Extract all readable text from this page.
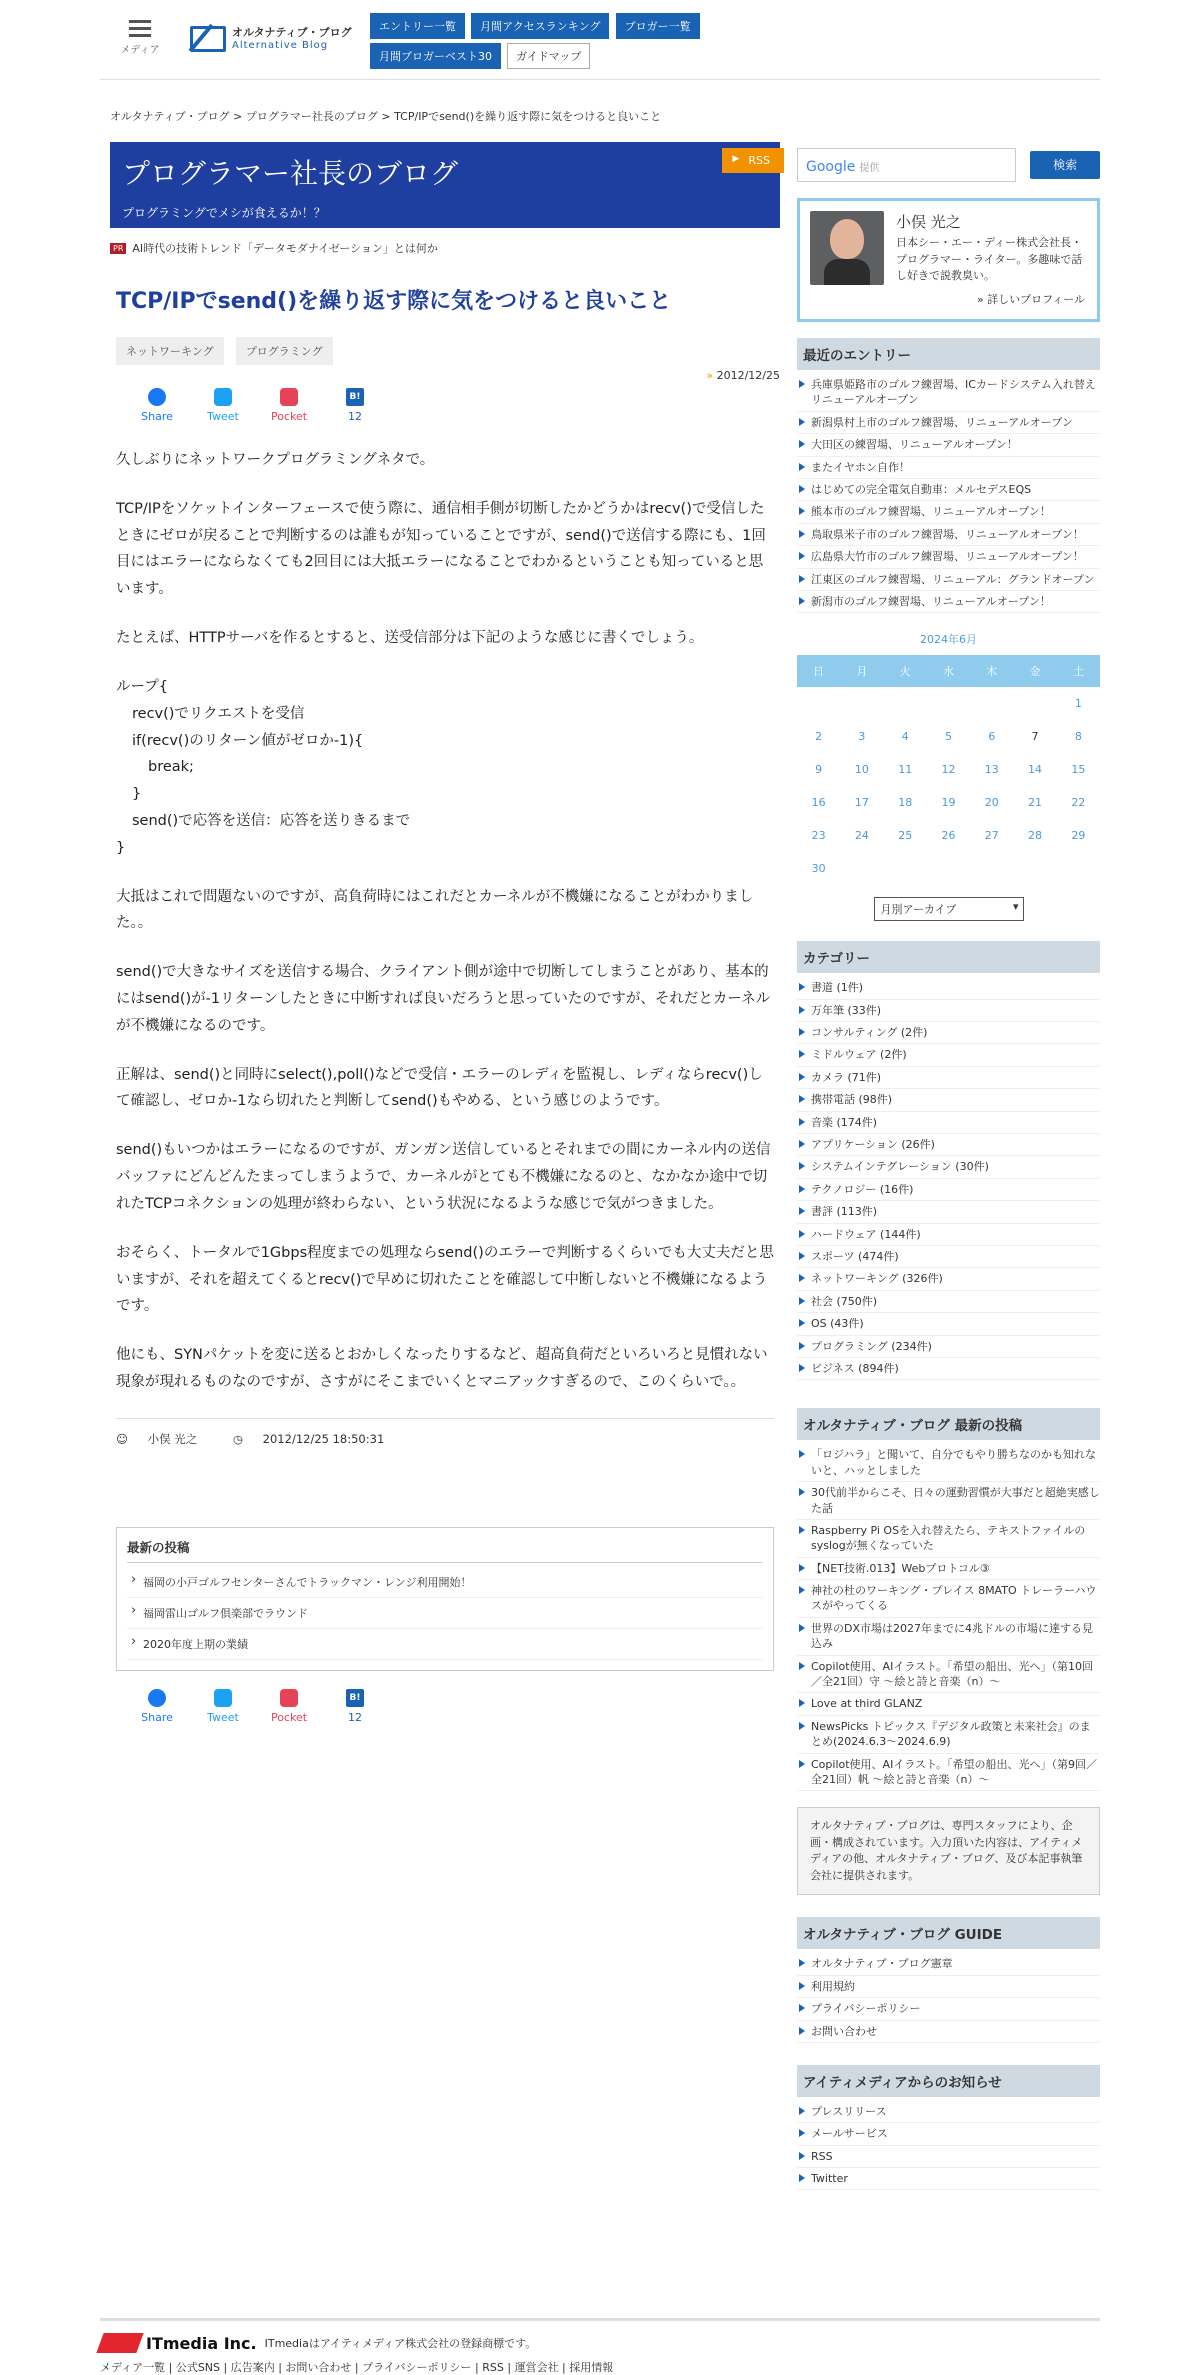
メディア
オルタナティブ・ブログ
Alternative Blog
エントリー一覧 月間アクセスランキング ブロガー一覧 月間ブロガーベスト30 ガイドマップ
オルタナティブ・ブログ > プログラマー社長のブログ > TCP/IPでsend()を繰り返す際に気をつけると良いこと
プログラマー社長のブログ
プログラミングでメシが食えるか！？
▶ RSS
PR AI時代の技術トレンド「データモダナイゼーション」とは何か
TCP/IPでsend()を繰り返す際に気をつけると良いこと
ネットワーキング	プログラミング
» 2012/12/25
Share	Tweet	Pocket
B!
12

久しぶりにネットワークプログラミングネタで。

TCP/IPをソケットインターフェースで使う際に、通信相手側が切断したかどうかはrecv()で受信したときにゼロが戻ることで判断するのは誰もが知っていることですが、send()で送信する際にも、1回目にはエラーにならなくても2回目には大抵エラーになることでわかるということも知っていると思います。

たとえば、HTTPサーバを作るとすると、送受信部分は下記のような感じに書くでしょう。

ループ{
recv()でリクエストを受信
if(recv()のリターン値がゼロか-1){
break;
}
send()で応答を送信：応答を送りきるまで
}

大抵はこれで問題ないのですが、高負荷時にはこれだとカーネルが不機嫌になることがわかりました。。

send()で大きなサイズを送信する場合、クライアント側が途中で切断してしまうことがあり、基本的にはsend()が-1リターンしたときに中断すれば良いだろうと思っていたのですが、それだとカーネルが不機嫌になるのです。

正解は、send()と同時にselect(),poll()などで受信・エラーのレディを監視し、レディならrecv()して確認し、ゼロか-1なら切れたと判断してsend()もやめる、という感じのようです。

send()もいつかはエラーになるのですが、ガンガン送信しているとそれまでの間にカーネル内の送信バッファにどんどんたまってしまうようで、カーネルがとても不機嫌になるのと、なかなか途中で切れたTCPコネクションの処理が終わらない、という状況になるような感じで気がつきました。

おそらく、トータルで1Gbps程度までの処理ならsend()のエラーで判断するくらいでも大丈夫だと思いますが、それを超えてくるとrecv()で早めに切れたことを確認して中断しないと不機嫌になるようです。

他にも、SYNパケットを変に送るとおかしくなったりするなど、超高負荷だといろいろと見慣れない現象が現れるものなのですが、さすがにそこまでいくとマニアックすぎるので、このくらいで。。

☺ 小俣 光之	◷ 2012/12/25 18:50:31
最新の投稿
› 福岡の小戸ゴルフセンターさんでトラックマン・レンジ利用開始！
› 福岡雷山ゴルフ倶楽部でラウンド
› 2020年度上期の業績
Share	Tweet	Pocket
B!
12
Google 提供	検索
小俣 光之
日本シー・エー・ディー株式会社長・プログラマー・ライター。多趣味で話し好きで説教臭い。
» 詳しいプロフィール
最近のエントリー
兵庫県姫路市のゴルフ練習場、ICカードシステム入れ替えリニューアルオープン
新潟県村上市のゴルフ練習場、リニューアルオープン
大田区の練習場、リニューアルオープン！
またイヤホン自作！
はじめての完全電気自動車：メルセデスEQS
熊本市のゴルフ練習場、リニューアルオープン！
鳥取県米子市のゴルフ練習場、リニューアルオープン！
広島県大竹市のゴルフ練習場、リニューアルオープン！
江東区のゴルフ練習場、リニューアル：グランドオープン
新潟市のゴルフ練習場、リニューアルオープン！
2024年6月
日	月	火	水	木	金	土
						1
2	3	4	5	6	7	8
9	10	11	12	13	14	15
16	17	18	19	20	21	22
23	24	25	26	27	28	29
30						
月別アーカイブ ▾
カテゴリー
書道 (1件)
万年筆 (33件)
コンサルティング (2件)
ミドルウェア (2件)
カメラ (71件)
携帯電話 (98件)
音楽 (174件)
アプリケーション (26件)
システムインテグレーション (30件)
テクノロジー (16件)
書評 (113件)
ハードウェア (144件)
スポーツ (474件)
ネットワーキング (326件)
社会 (750件)
OS (43件)
プログラミング (234件)
ビジネス (894件)
オルタナティブ・ブログ 最新の投稿
「ロジハラ」と聞いて、自分でもやり勝ちなのかも知れないと、ハッとしました
30代前半からこそ、日々の運動習慣が大事だと超絶実感した話
Raspberry Pi OSを入れ替えたら、テキストファイルのsyslogが無くなっていた
【NET技術.013】Webプロトコル③
神社の杜のワーキング・プレイス 8MATO トレーラーハウスがやってくる
世界のDX市場は2027年までに4兆ドルの市場に達する見込み
Copilot使用、AIイラスト。「希望の船出、光へ」（第10回／全21回）守 〜絵と詩と音楽（n）〜
Love at third GLANZ
NewsPicks トピックス『デジタル政策と未来社会』のまとめ(2024.6.3〜2024.6.9)
Copilot使用、AIイラスト。「希望の船出、光へ」（第9回／全21回）帆 〜絵と詩と音楽（n）〜
オルタナティブ・ブログは、専門スタッフにより、企画・構成されています。入力頂いた内容は、アイティメディアの他、オルタナティブ・ブログ、及び本記事執筆会社に提供されます。
オルタナティブ・ブログ GUIDE
オルタナティブ・ブログ憲章
利用規約
プライバシーポリシー
お問い合わせ
アイティメディアからのお知らせ
プレスリリース
メールサービス
RSS
Twitter
ITmedia Inc. ITmediaはアイティメディア株式会社の登録商標です。
メディア一覧 | 公式SNS | 広告案内 | お問い合わせ | プライバシーポリシー | RSS | 運営会社 | 採用情報
